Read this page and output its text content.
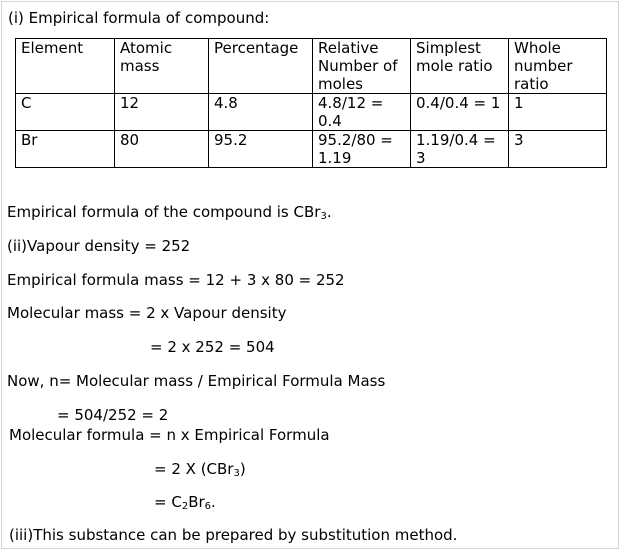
(i) Empirical formula of compound:
Element	Atomic mass	Percentage	Relative Number of moles	Simplest mole ratio	Whole number ratio
C	12	4.8	4.8/12 = 0.4	0.4/0.4 = 1	1
Br	80	95.2	95.2/80 = 1.19	1.19/0.4 = 3	3
Empirical formula of the compound is CBr$_3$.
(ii)Vapour density = 252
Empirical formula mass = 12 + 3 x 80 = 252
Molecular mass = 2 x Vapour density
= 2 x 252 = 504
Now, n= Molecular mass / Empirical Formula Mass
= 504/252 = 2
Molecular formula = n x Empirical Formula
= 2 X (CBr$_3$)
= $C_2Br_6$.
(iii)This substance can be prepared by substitution method.
